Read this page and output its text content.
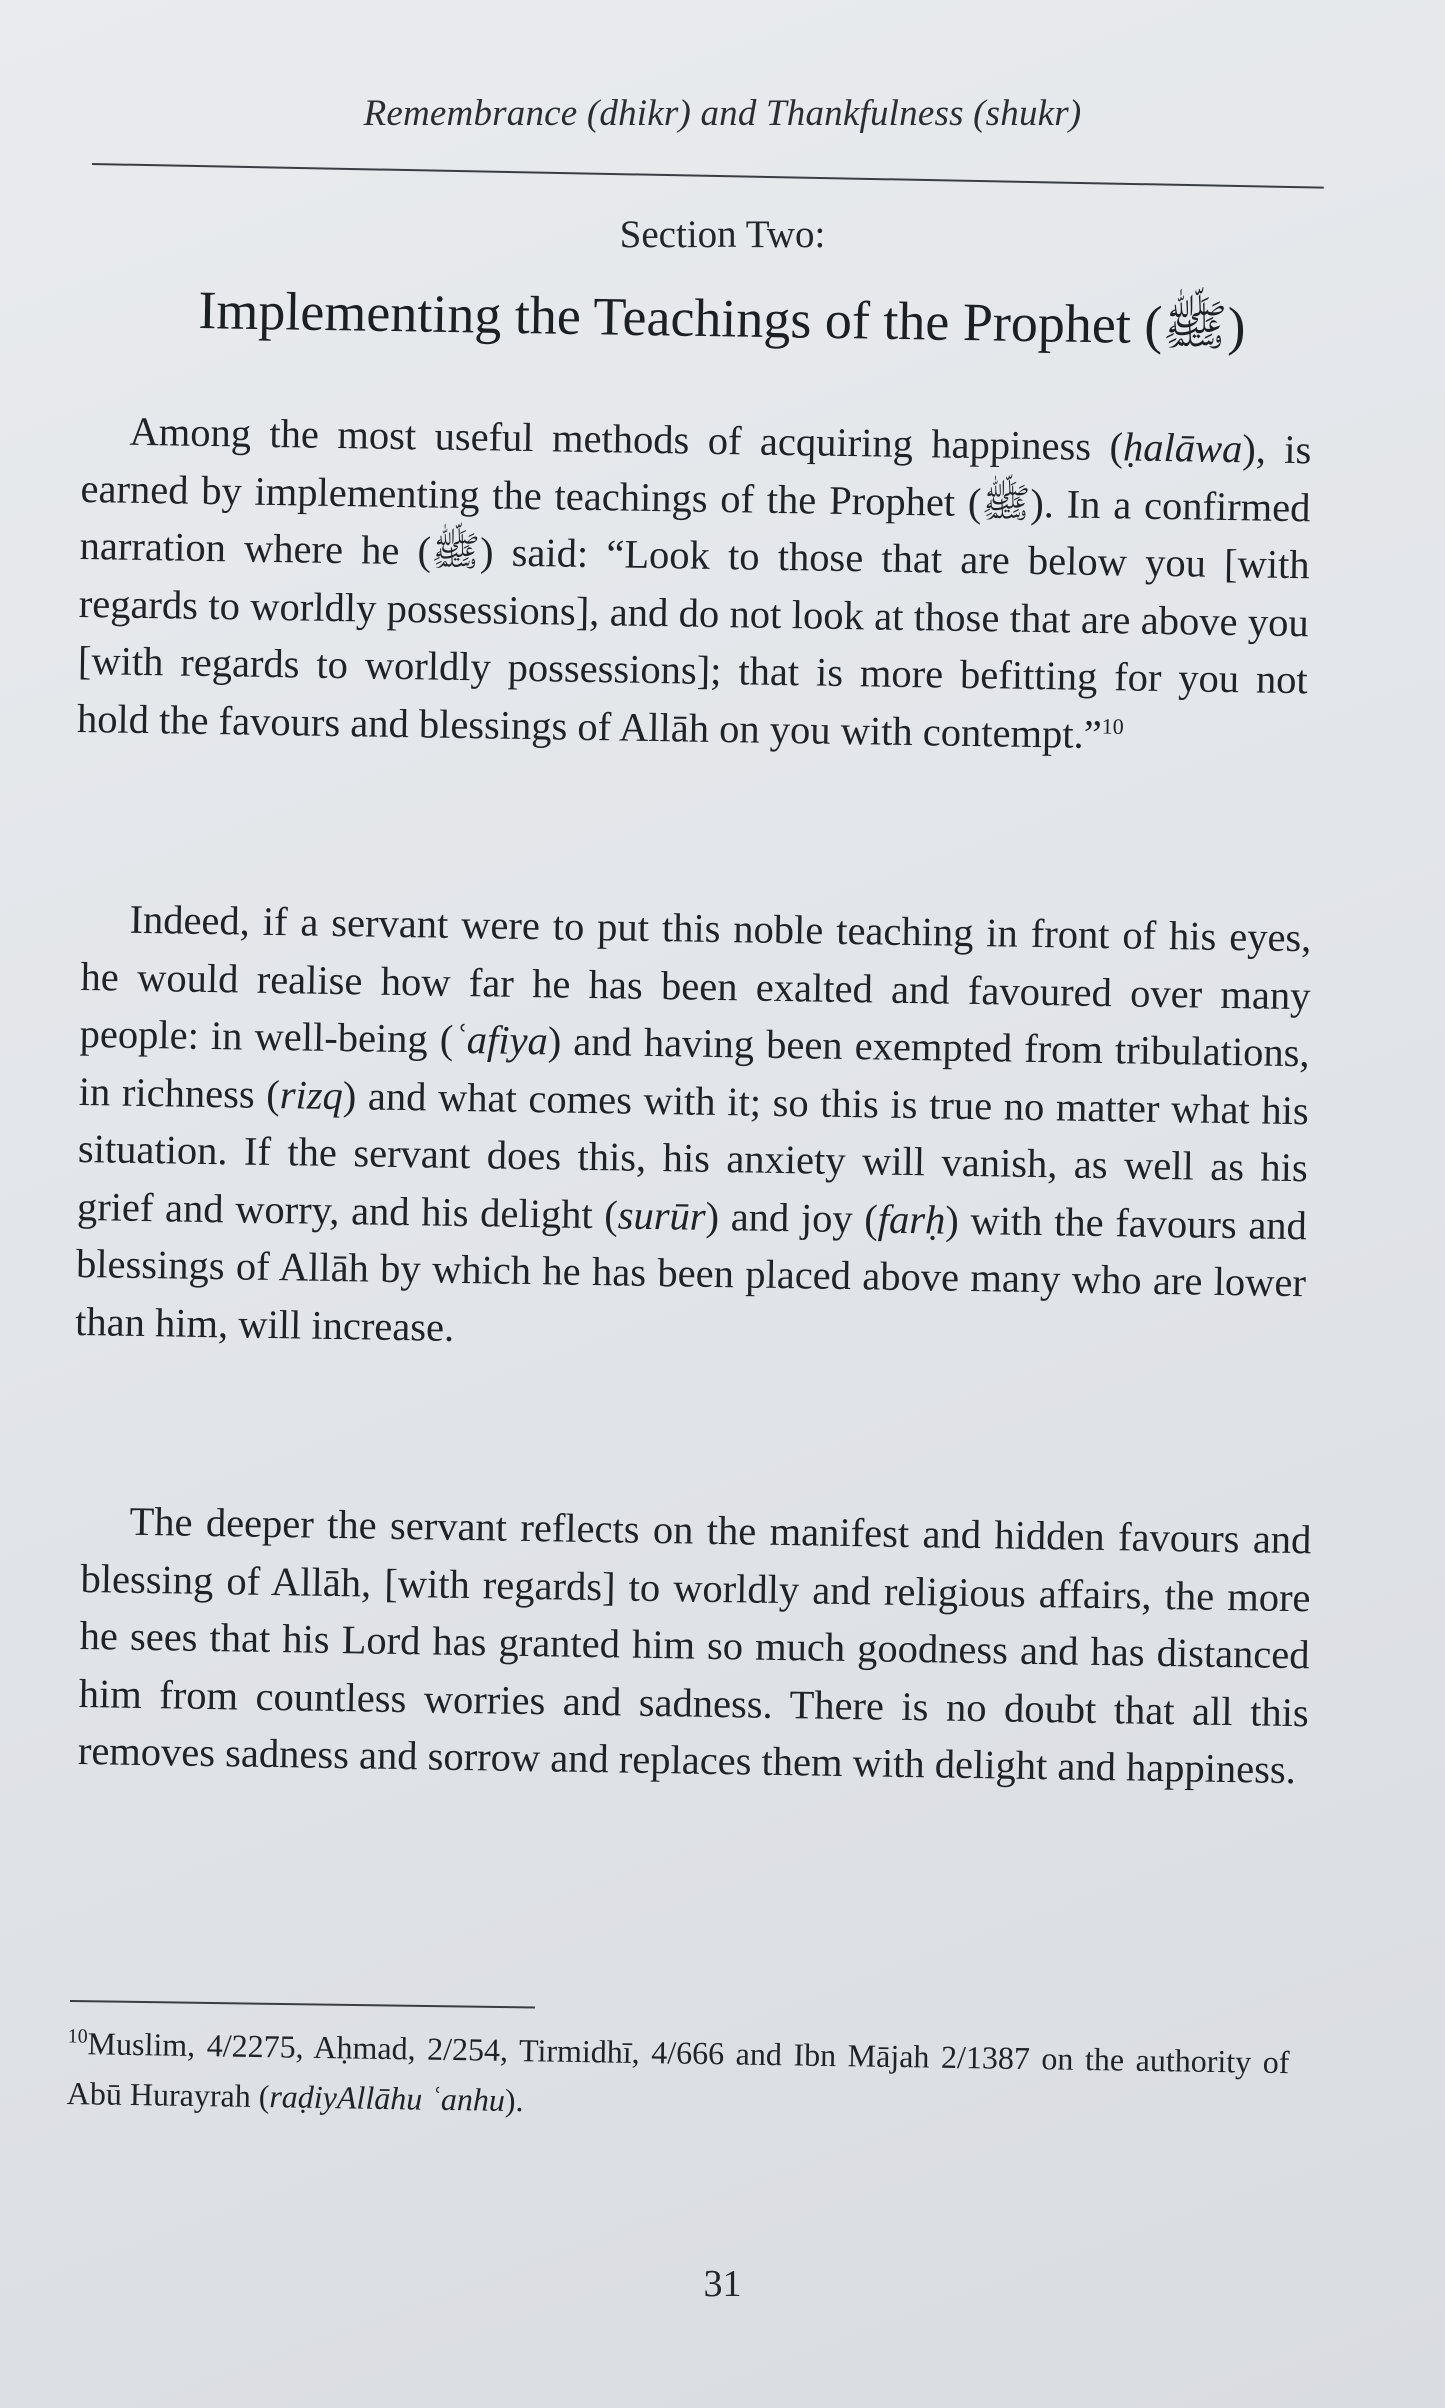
Remembrance (dhikr) and Thankfulness (shukr)
Section Two:
Implementing the Teachings of the Prophet (ﷺ)

Among the most useful methods of acquiring happiness (ḥalāwa), is earned by implementing the teachings of the Prophet (ﷺ). In a confirmed narration where he (ﷺ) said: “Look to those that are below you [with regards to worldly possessions], and do not look at those that are above you [with regards to worldly possessions]; that is more befitting for you not hold the favours and blessings of Allāh on you with contempt.”$^{10}$

Indeed, if a servant were to put this noble teaching in front of his eyes, he would realise how far he has been exalted and favoured over many people: in well-being (ʿafiya) and having been exempted from tribulations, in richness (rizq) and what comes with it; so this is true no matter what his situation. If the servant does this, his anxiety will vanish, as well as his grief and worry, and his delight (surūr) and joy (farḥ) with the favours and blessings of Allāh by which he has been placed above many who are lower than him, will increase.

The deeper the servant reflects on the manifest and hidden favours and blessing of Allāh, [with regards] to worldly and religious affairs, the more he sees that his Lord has granted him so much goodness and has distanced him from countless worries and sadness. There is no doubt that all this removes sadness and sorrow and replaces them with delight and happiness.

$^{10}$Muslim, 4/2275, Aḥmad, 2/254, Tirmidhī, 4/666 and Ibn Mājah 2/1387 on the authority of Abū Hurayrah (raḍiyAllāhu ʿanhu).
31
